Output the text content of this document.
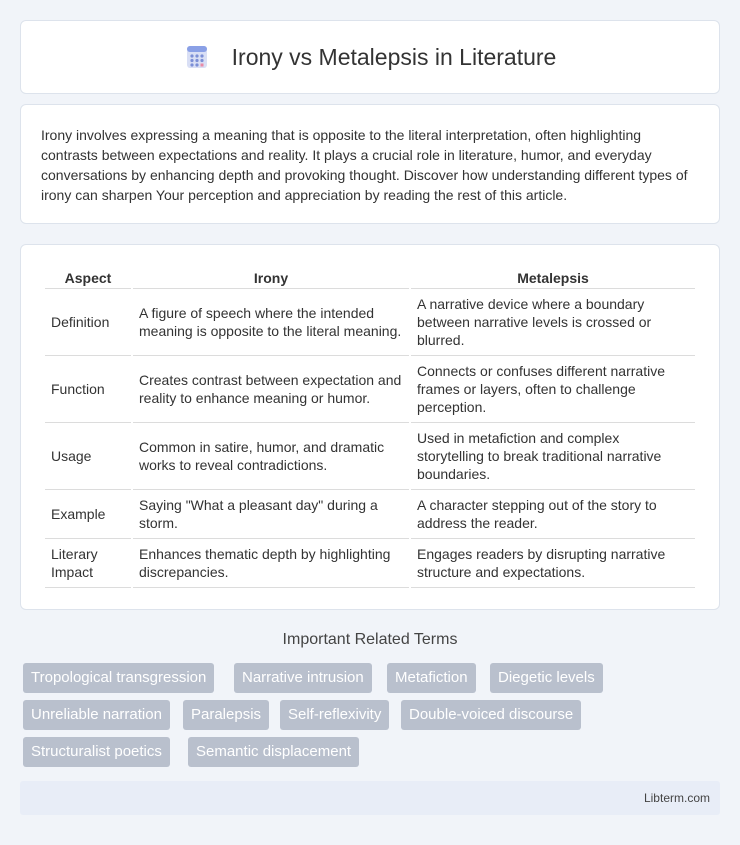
Irony vs Metalepsis in Literature

Irony involves expressing a meaning that is opposite to the literal interpretation, often highlighting contrasts between expectations and reality. It plays a crucial role in literature, humor, and everyday conversations by enhancing depth and provoking thought. Discover how understanding different types of irony can sharpen Your perception and appreciation by reading the rest of this article.

Aspect	Irony	Metalepsis
Definition	A figure of speech where the intended meaning is opposite to the literal meaning.	A narrative device where a boundary between narrative levels is crossed or blurred.
Function	Creates contrast between expectation and reality to enhance meaning or humor.	Connects or confuses different narrative frames or layers, often to challenge perception.
Usage	Common in satire, humor, and dramatic works to reveal contradictions.	Used in metafiction and complex storytelling to break traditional narrative boundaries.
Example	Saying "What a pleasant day" during a storm.	A character stepping out of the story to address the reader.
Literary Impact	Enhances thematic depth by highlighting discrepancies.	Engages readers by disrupting narrative structure and expectations.
Important Related Terms
Tropological transgression	Narrative intrusion	Metafiction	Diegetic levels
Unreliable narration	Paralepsis	Self-reflexivity	Double-voiced discourse
Structuralist poetics	Semantic displacement
Libterm.com
